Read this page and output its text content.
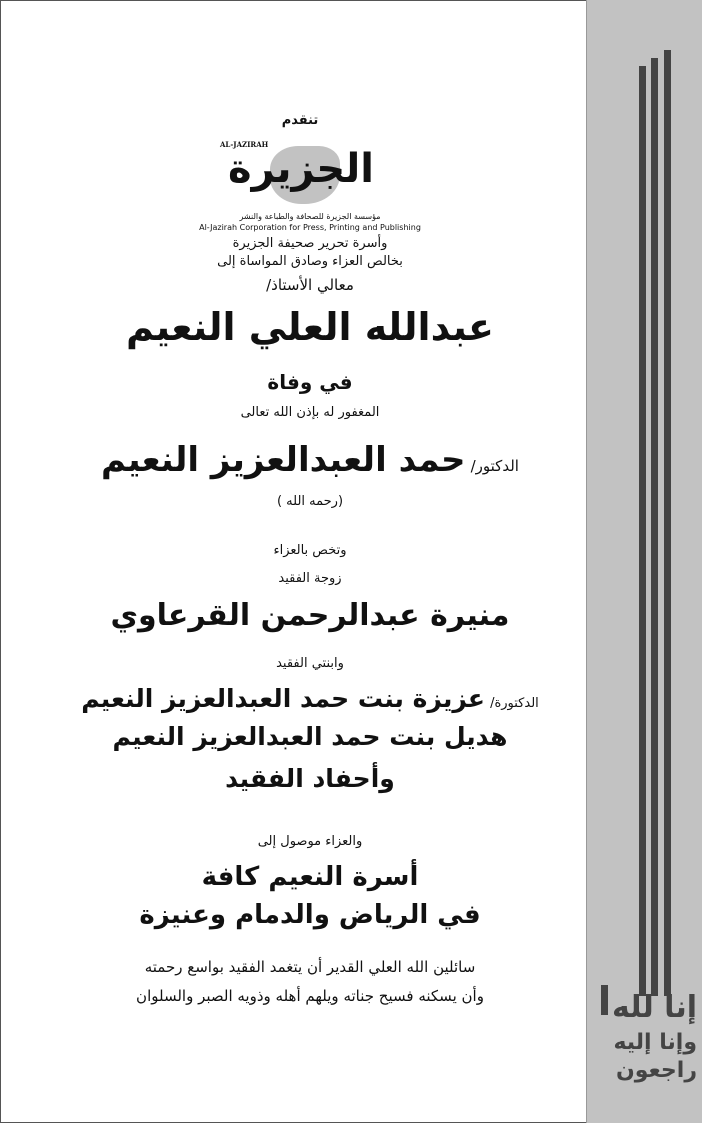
إنا لله
وإنا إليه
راجعون
تنقدم
AL-JAZIRAH
الجزيرة
مؤسسة الجزيرة للصحافة والطباعة والنشر
Al-Jazirah Corporation for Press, Printing and Publishing
وأسرة تحرير صحيفة الجزيرة
بخالص العزاء وصادق المواساة إلى
معالي الأستاذ/
عبدالله العلي النعيم
في وفاة
المغفور له بإذن الله تعالى
الدكتور/ حمد العبدالعزيز النعيم
(رحمه الله )
وتخص بالعزاء
زوجة الفقيد
منيرة عبدالرحمن القرعاوي
وابنتي الفقيد
الدكتورة/ عزيزة بنت حمد العبدالعزيز النعيم
هديل بنت حمد العبدالعزيز النعيم
وأحفاد الفقيد
والعزاء موصول إلى
أسرة النعيم كافة
في الرياض والدمام وعنيزة
سائلين الله العلي القدير أن يتغمد الفقيد بواسع رحمته
وأن يسكنه فسيح جناته ويلهم أهله وذويه الصبر والسلوان
